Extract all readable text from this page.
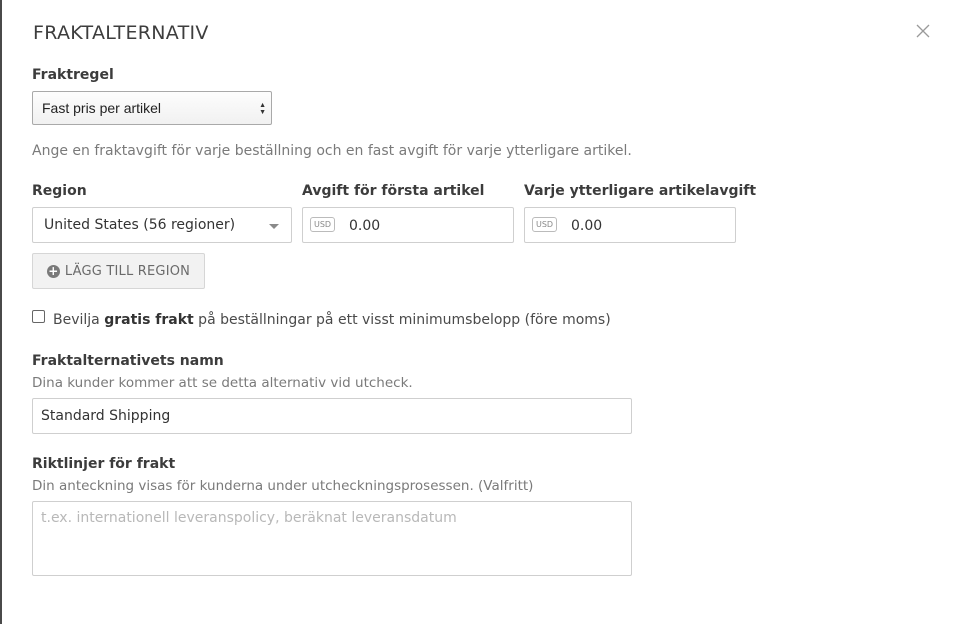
FRAKTALTERNATIV
Fraktregel
Fast pris per artikel	▲
▼
Ange en fraktavgift för varje beställning och en fast avgift för varje ytterligare artikel.
Region	Avgift för första artikel	Varje ytterligare artikelavgift
United States (56 regioner)	USD 0.00	USD 0.00
+ LÄGG TILL REGION
Bevilja gratis frakt på beställningar på ett visst minimumsbelopp (före moms)
Fraktalternativets namn
Dina kunder kommer att se detta alternativ vid utcheck.
Standard Shipping
Riktlinjer för frakt
Din anteckning visas för kunderna under utcheckningsprosessen. (Valfritt)
t.ex. internationell leveranspolicy, beräknat leveransdatum
